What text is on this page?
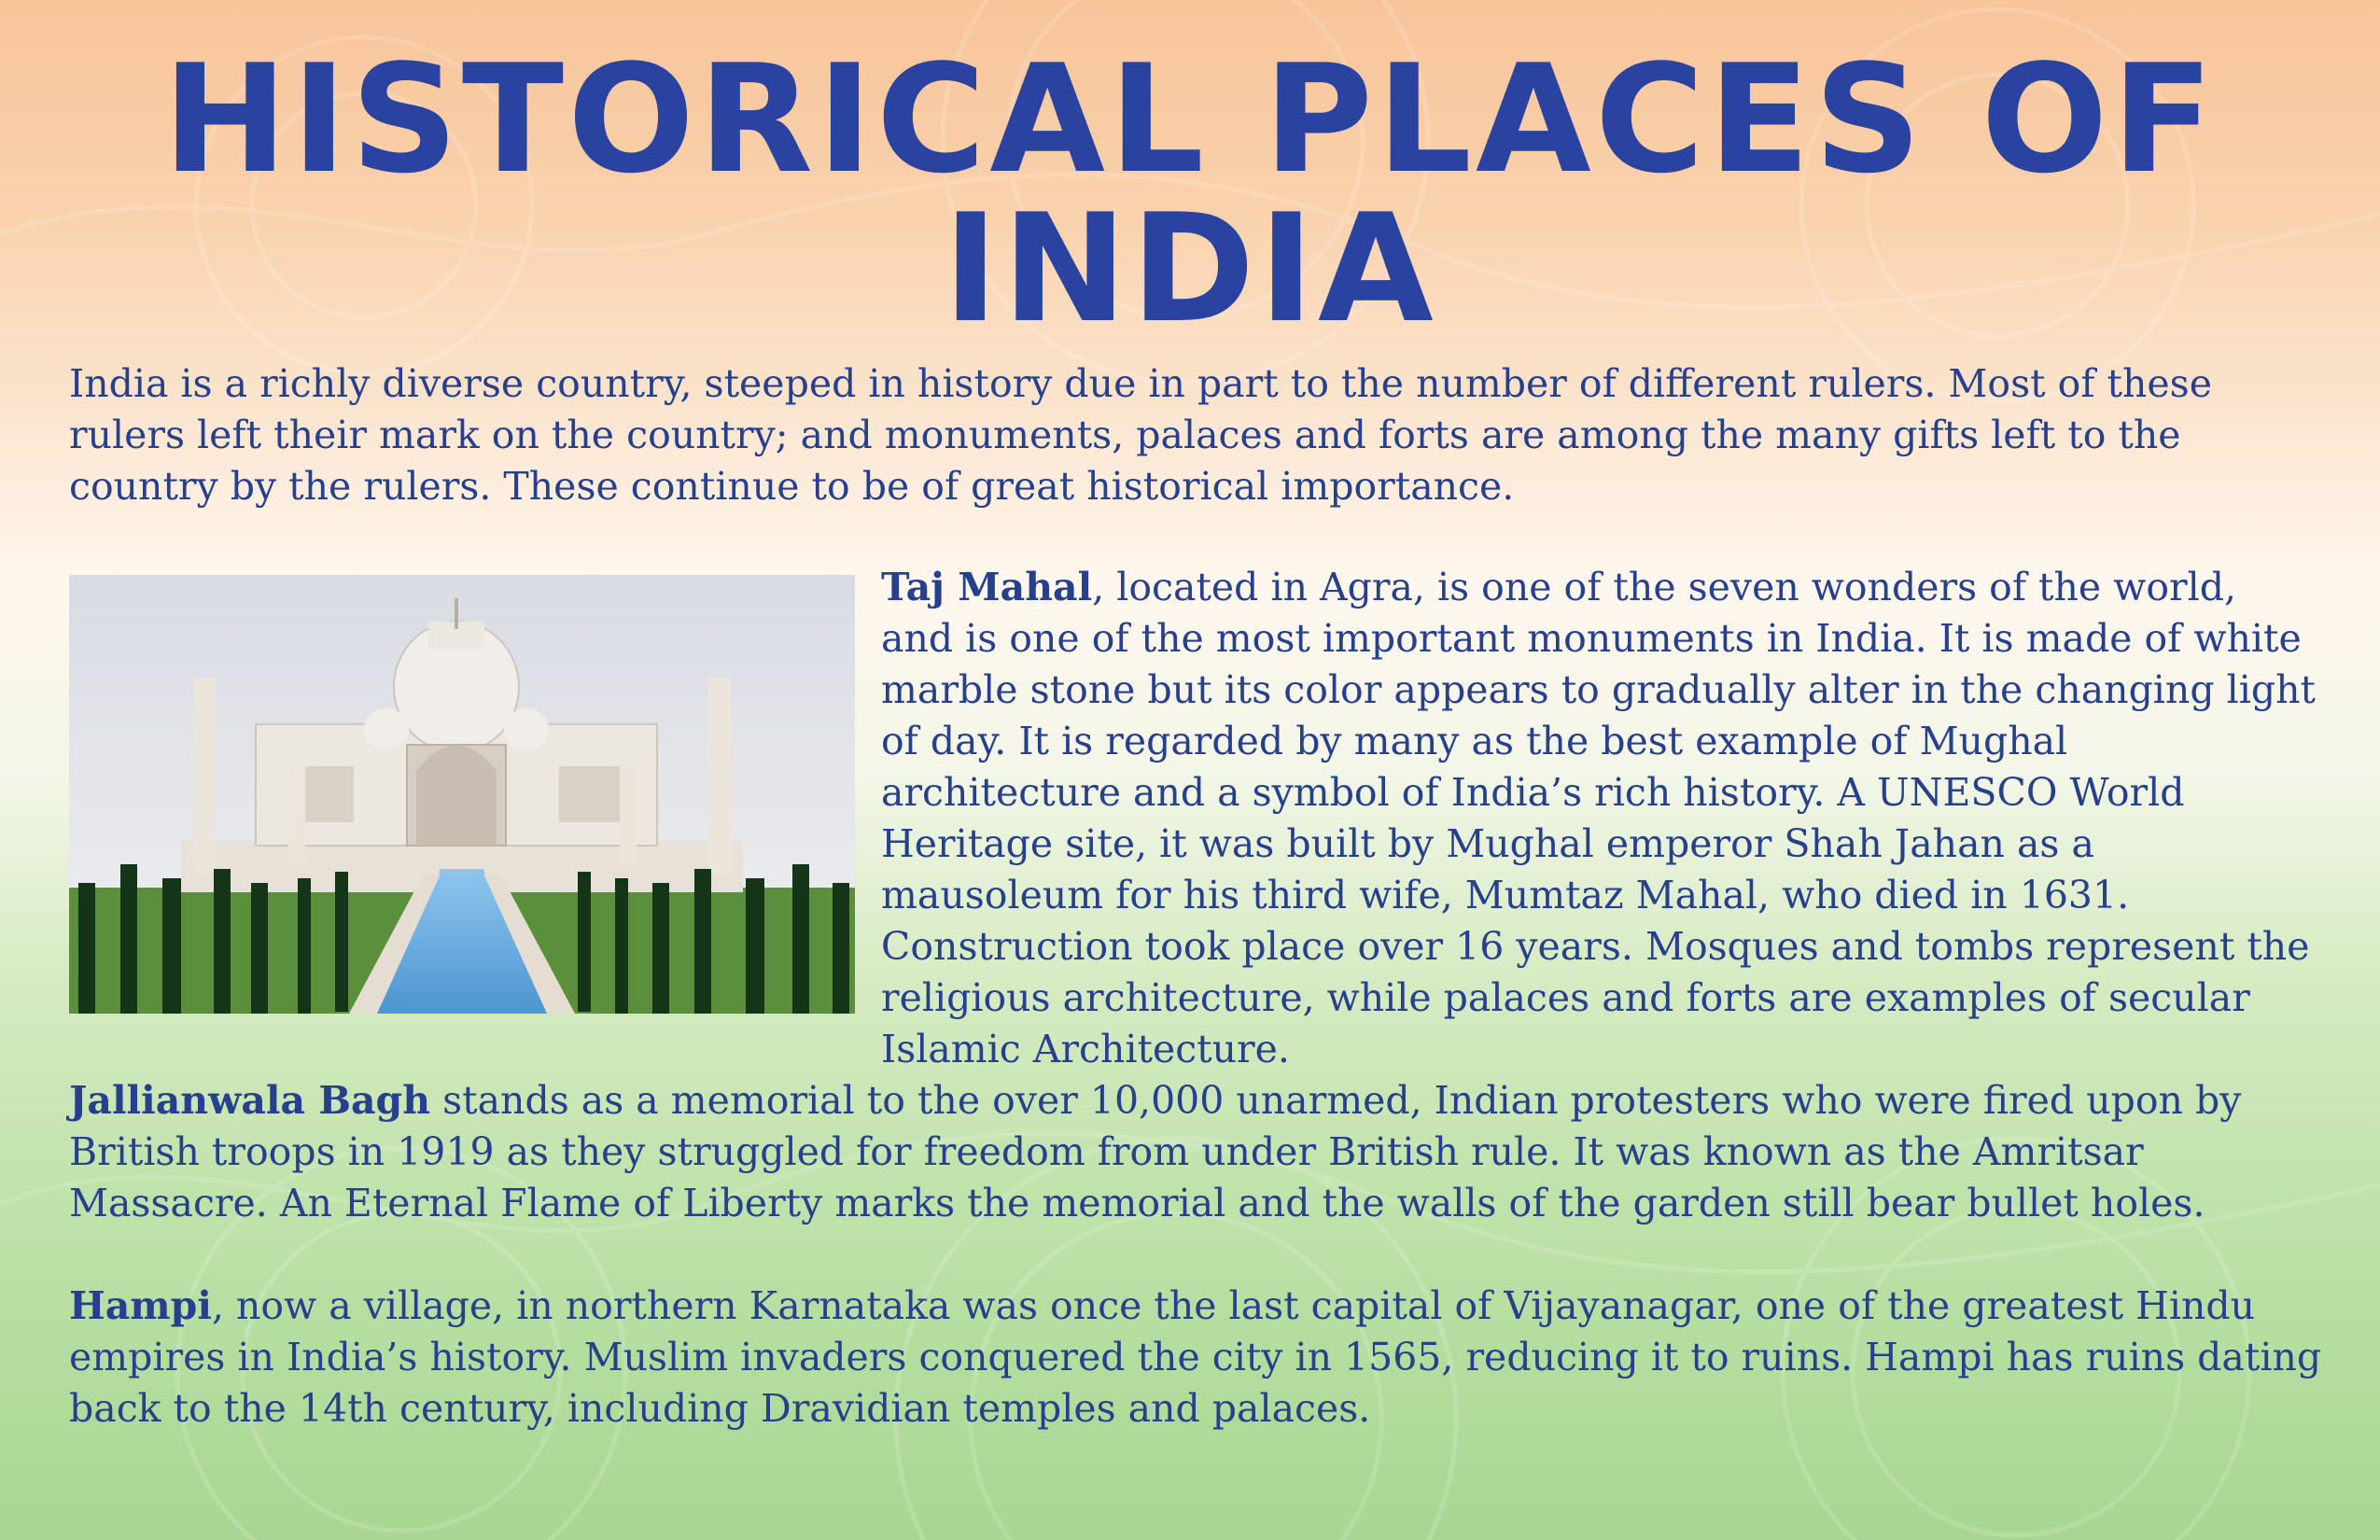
HISTORICAL PLACES OF INDIA

India is a richly diverse country, steeped in history due in part to the number of different rulers. Most of these rulers left their mark on the country; and monuments, palaces and forts are among the many gifts left to the country by the rulers. These continue to be of great historical importance.

Taj Mahal, located in Agra, is one of the seven wonders of the world, and is one of the most important monuments in India. It is made of white marble stone but its color appears to gradually alter in the changing light of day. It is regarded by many as the best example of Mughal architecture and a symbol of India’s rich history. A UNESCO World Heritage site, it was built by Mughal emperor Shah Jahan as a mausoleum for his third wife, Mumtaz Mahal, who died in 1631. Construction took place over 16 years. Mosques and tombs represent the religious architecture, while palaces and forts are examples of secular Islamic Architecture.

Jallianwala Bagh stands as a memorial to the over 10,000 unarmed, Indian protesters who were fired upon by British troops in 1919 as they struggled for freedom from under British rule. It was known as the Amritsar Massacre. An Eternal Flame of Liberty marks the memorial and the walls of the garden still bear bullet holes.

Hampi, now a village, in northern Karnataka was once the last capital of Vijayanagar, one of the greatest Hindu empires in India’s history. Muslim invaders conquered the city in 1565, reducing it to ruins. Hampi has ruins dating back to the 14th century, including Dravidian temples and palaces.
